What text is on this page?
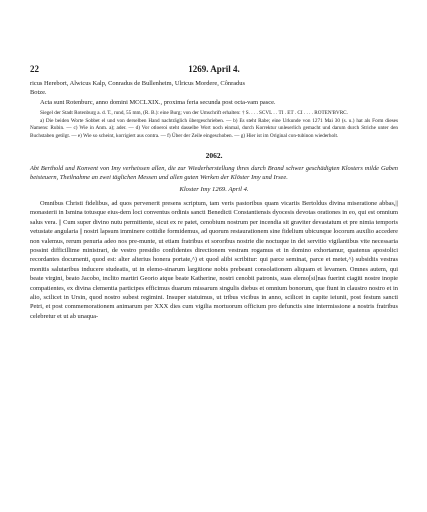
22	1269. April 4.

ricus Herebort, Alwicus Kalp, Conradus de Bullenheim, Ulricus Mordere, Cônradus

Botze.

Acta sunt Rotenburc, anno domini MCCLXIX., proxima feria secunda post octa-vam pasce.

Siegel der Stadt Rotenburg a. d. T., rund, 55 mm, (R. B.): eine Burg; von der Umschrift erhalten: † S. . . . SCVL . . TI . ET . CI . . . . ROTEN'BVRC.

a) Die beiden Worte Sobbet el und von derselben Hand nachträglich übergeschrieben. — b) Es steht Rabe; eine Urkunde von 1271 Mai 30 (s. u.) hat als Form dieses Namens: Rubin. — c) Wie in Anm. a); ader. — d) Vor otloeroi steht dasselbe Wort noch einmal, durch Korrektur unleserlich gemacht und darum durch Striche unter den Buchstaben getilgt. — e) Wie so scheint, korrigiert aus contra. — f) Über der Zeile eingeschoben. — g) Hier ist im Original con-tubinon wiederholt.

2062.

Abt Berthold und Konvent von Imy verheissen allen, die zur Wiederherstellung ihres durch Brand schwer geschädigten Klosters milde Gaben beisteuern, Theilnahme an zwei täglichen Messen und allen guten Werken der Klöster Imy und Irsee.

Kloster Imy 1269. April 4.

Omnibus Christi fidelibus, ad quos pervenerit presens scriptum, tam veris pastoribus quam vicariis Bertoldus divina miseratione abbas,|| monasterii in Ismina totusque eius-dem loci conventus ordinis sancti Benedicti Constantiensis dyocesis devotas orationes in eo, qui est omnium salus vera. || Cum super divino nutu permittente, sicut ex re patet, cenobium nostrum per incendia sit graviter devastatum et pre nimia temporis vetustate angularia || nostri lapsum imminere cottidie formidemus, ad quorum restaurationem sine fidelium ubicunque locorum auxilio accedere non valemus, rerum penuria adeo nos pre-munte, ut etiam fratribus et sororibus nostrie die noctuque in dei servitio vigilantibus vite necessaria possint difficillime ministrari, de vestro presidio confidentes directionem vestram rogamus et in domino exhortamur, quatenus apostolici recordantes documenti, quod est: alter alterius honera portate,^) et quod alibi scribitur: qui parce seminat, parce et metet,^) subsidiis vestras monitis salutaribus inducere studeatis, ut in elemo-sinarum largitione nobis prebeant consolationem aliquam et levamen. Omnes autem, qui beate virgini, beato Jacobo, inclito martiri Georio atque beate Katherine, nostri cenobii patronis, suas elemo[si]nas fuerint ciagiti nostre inopie compatientes, ex divina clementia participes efficimus duarum missarum singulis diebus et omnium bonorum, que fiunt in claustro nostro et in alio, scilicet in Ursin, quod nostro subest regimini. Insuper statuimus, ut tribus vicibus in anno, scilicet in capite ieiunii, post festum sancti Petri, et post commemorationem animarum per XXX dies cum vigilia mortuorum officium pro defunctis sine intermissione a nostris fratribus celebretur et ut ab unaqua-
